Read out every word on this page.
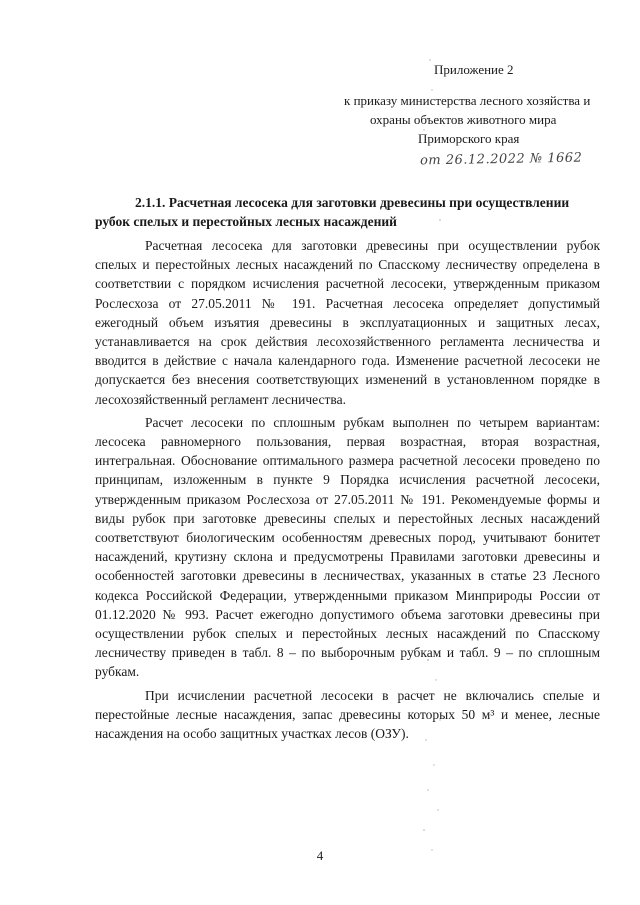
Приложение 2
к приказу министерства лесного хозяйства и
охраны объектов животного мира
Приморского края
от 26.12.2022 № 1662
2.1.1. Расчетная лесосека для заготовки древесины при осуществлении рубок спелых и перестойных лесных насаждений

Расчетная лесосека для заготовки древесины при осуществлении рубок спелых и перестойных лесных насаждений по Спасскому лесничеству определена в соответствии с порядком исчисления расчетной лесосеки, утвержденным приказом Рослесхоза от 27.05.2011 № 191. Расчетная лесосека определяет допустимый ежегодный объем изъятия древесины в эксплуатационных и защитных лесах, устанавливается на срок действия лесохозяйственного регламента лесничества и вводится в действие с начала календарного года. Изменение расчетной лесосеки не допускается без внесения соответствующих изменений в установленном порядке в лесохозяйственный регламент лесничества.

Расчет лесосеки по сплошным рубкам выполнен по четырем вариантам: лесосека равномерного пользования, первая возрастная, вторая возрастная, интегральная. Обоснование оптимального размера расчетной лесосеки проведено по принципам, изложенным в пункте 9 Порядка исчисления расчетной лесосеки, утвержденным приказом Рослесхоза от 27.05.2011 № 191. Рекомендуемые формы и виды рубок при заготовке древесины спелых и перестойных лесных насаждений соответствуют биологическим особенностям древесных пород, учитывают бонитет насаждений, крутизну склона и предусмотрены Правилами заготовки древесины и особенностей заготовки древесины в лесничествах, указанных в статье 23 Лесного кодекса Российской Федерации, утвержденными приказом Минприроды России от 01.12.2020 № 993. Расчет ежегодно допустимого объема заготовки древесины при осуществлении рубок спелых и перестойных лесных насаждений по Спасскому лесничеству приведен в табл. 8 – по выборочным рубкам и табл. 9 – по сплошным рубкам.

При исчислении расчетной лесосеки в расчет не включались спелые и перестойные лесные насаждения, запас древесины которых 50 м³ и менее, лесные насаждения на особо защитных участках лесов (ОЗУ).

4
